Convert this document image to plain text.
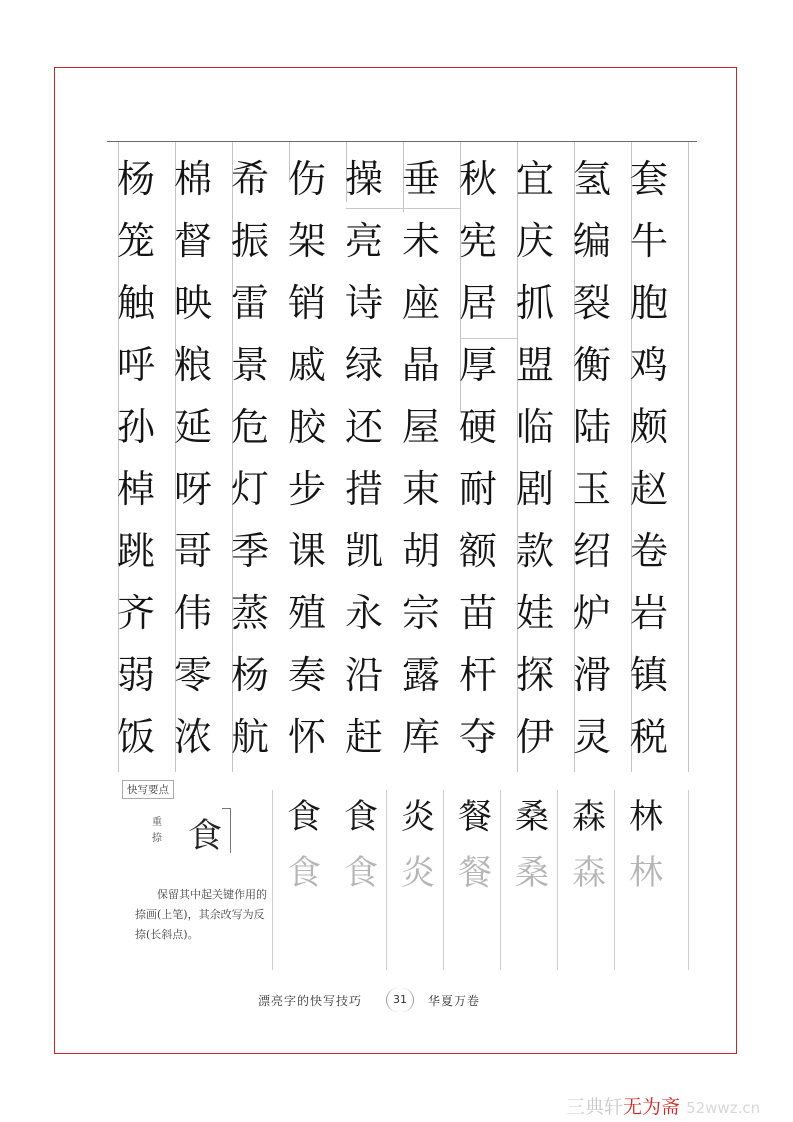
杨 棉 希 伤 操 垂 秋 宜 氢 套
笼 督 振 架 亮 未 宪 庆 编 牛
触 映 雷 销 诗 座 居 抓 裂 胞
呼 粮 景 戚 绿 晶 厚 盟 衡 鸡
孙 延 危 胶 还 屋 硬 临 陆 颇
棹 呀 灯 步 措 束 耐 剧 玉 赵
跳 哥 季 课 凯 胡 额 款 绍 卷
齐 伟 蒸 殖 永 宗 苗 娃 炉 岩
弱 零 杨 奏 沿 露 杆 探 滑 镇
饭 浓 航 怀 赶 库 夺 伊 灵 税
快写要点
重捺 食
保留其中起关键作用的捺画(上笔)，其余改写为反捺(长斜点)。
食 食 炎 餐 桑 森 林
食 食 炎 餐 桑 森 林
漂亮字的快写技巧	31	华夏万卷
三典轩无为斋 52wwz.cn
